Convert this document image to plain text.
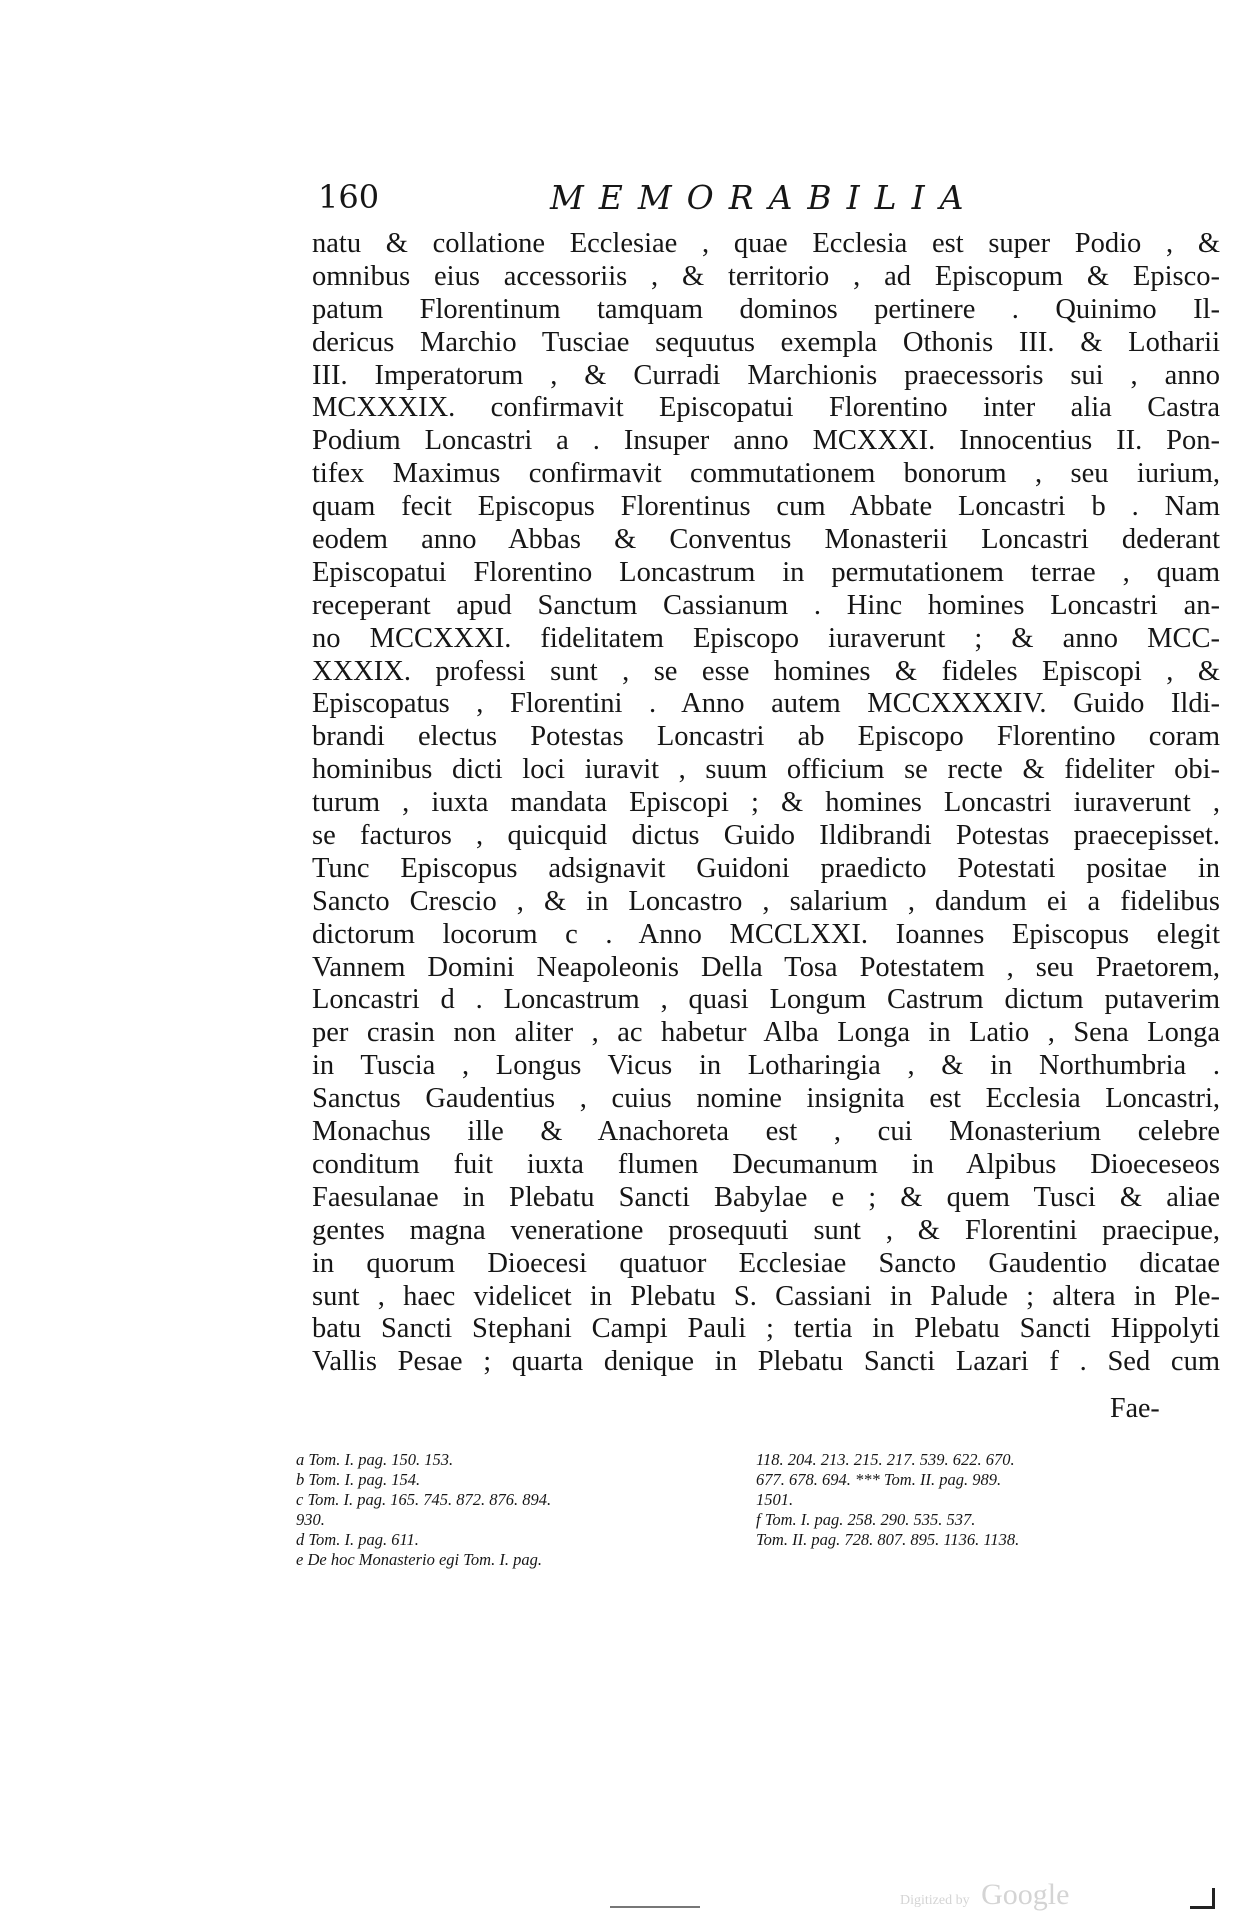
160	MEMORABILIA
natu & collatione Ecclesiae , quae Ecclesia est super Podio , &
omnibus eius accessoriis , & territorio , ad Episcopum & Episco-
patum Florentinum tamquam dominos pertinere . Quinimo Il-
dericus Marchio Tusciae sequutus exempla Othonis III. & Lotharii
III. Imperatorum , & Curradi Marchionis praecessoris sui , anno
MCXXXIX. confirmavit Episcopatui Florentino inter alia Castra
Podium Loncastri a . Insuper anno MCXXXI. Innocentius II. Pon-
tifex Maximus confirmavit commutationem bonorum , seu iurium,
quam fecit Episcopus Florentinus cum Abbate Loncastri b . Nam
eodem anno Abbas & Conventus Monasterii Loncastri dederant
Episcopatui Florentino Loncastrum in permutationem terrae , quam
receperant apud Sanctum Cassianum . Hinc homines Loncastri an-
no MCCXXXI. fidelitatem Episcopo iuraverunt ; & anno MCC-
XXXIX. professi sunt , se esse homines & fideles Episcopi , &
Episcopatus , Florentini . Anno autem MCCXXXXIV. Guido Ildi-
brandi electus Potestas Loncastri ab Episcopo Florentino coram
hominibus dicti loci iuravit , suum officium se recte & fideliter obi-
turum , iuxta mandata Episcopi ; & homines Loncastri iuraverunt ,
se facturos , quicquid dictus Guido Ildibrandi Potestas praecepisset.
Tunc Episcopus adsignavit Guidoni praedicto Potestati positae in
Sancto Crescio , & in Loncastro , salarium , dandum ei a fidelibus
dictorum locorum c . Anno MCCLXXI. Ioannes Episcopus elegit
Vannem Domini Neapoleonis Della Tosa Potestatem , seu Praetorem,
Loncastri d . Loncastrum , quasi Longum Castrum dictum putaverim
per crasin non aliter , ac habetur Alba Longa in Latio , Sena Longa
in Tuscia , Longus Vicus in Lotharingia , & in Northumbria .
Sanctus Gaudentius , cuius nomine insignita est Ecclesia Loncastri,
Monachus ille & Anachoreta est , cui Monasterium celebre
conditum fuit iuxta flumen Decumanum in Alpibus Dioeceseos
Faesulanae in Plebatu Sancti Babylae e ; & quem Tusci & aliae
gentes magna veneratione prosequuti sunt , & Florentini praecipue,
in quorum Dioecesi quatuor Ecclesiae Sancto Gaudentio dicatae
sunt , haec videlicet in Plebatu S. Cassiani in Palude ; altera in Ple-
batu Sancti Stephani Campi Pauli ; tertia in Plebatu Sancti Hippolyti
Vallis Pesae ; quarta denique in Plebatu Sancti Lazari f . Sed cum
Fae-
a Tom. I. pag. 150. 153.
b Tom. I. pag. 154.
c Tom. I. pag. 165. 745. 872. 876. 894.
930.
d Tom. I. pag. 611.
e De hoc Monasterio egi Tom. I. pag.
118. 204. 213. 215. 217. 539. 622. 670.
677. 678. 694. *** Tom. II. pag. 989.
1501.
f Tom. I. pag. 258. 290. 535. 537.
Tom. II. pag. 728. 807. 895. 1136. 1138.
Digitized by Google
